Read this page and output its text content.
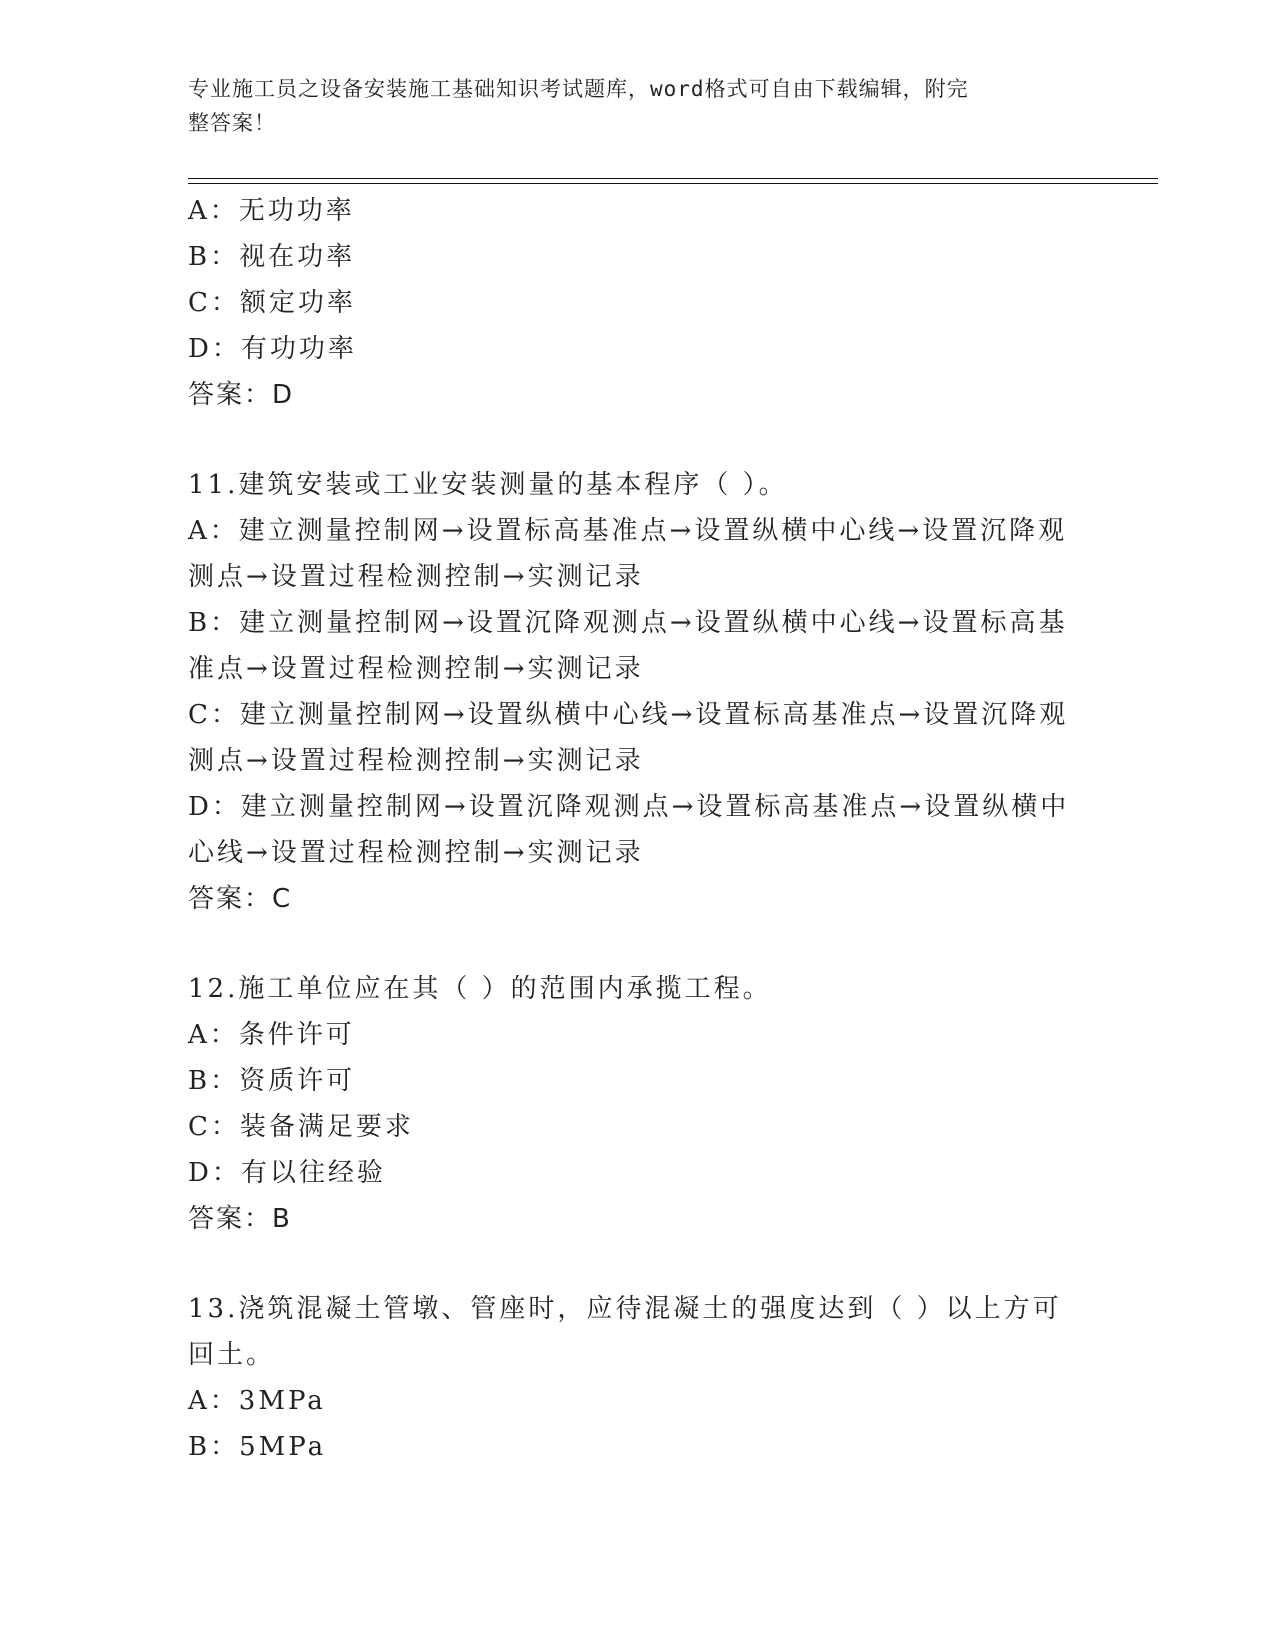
专业施工员之设备安装施工基础知识考试题库，word格式可自由下载编辑，附完
整答案！

A：无功功率

B：视在功率

C：额定功率

D：有功功率

答案：D

11.建筑安装或工业安装测量的基本程序（ ）。

A：建立测量控制网→设置标高基准点→设置纵横中心线→设置沉降观

测点→设置过程检测控制→实测记录

B：建立测量控制网→设置沉降观测点→设置纵横中心线→设置标高基

准点→设置过程检测控制→实测记录

C：建立测量控制网→设置纵横中心线→设置标高基准点→设置沉降观

测点→设置过程检测控制→实测记录

D：建立测量控制网→设置沉降观测点→设置标高基准点→设置纵横中

心线→设置过程检测控制→实测记录

答案：C

12.施工单位应在其（ ）的范围内承揽工程。

A：条件许可

B：资质许可

C：装备满足要求

D：有以往经验

答案：B

13.浇筑混凝土管墩、管座时，应待混凝土的强度达到（ ）以上方可

回土。

A：3MPa

B：5MPa
